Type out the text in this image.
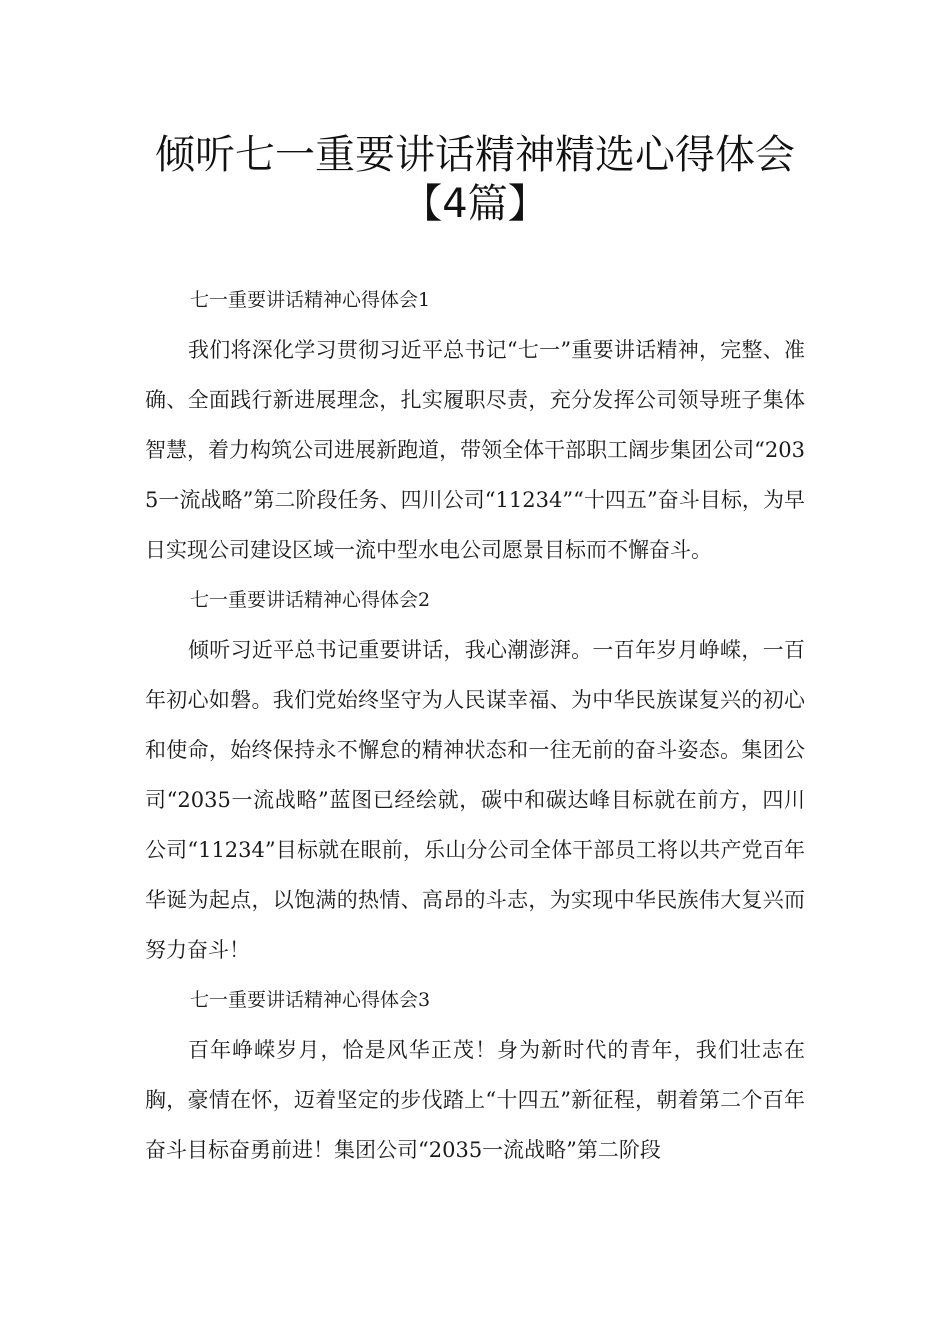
倾听七一重要讲话精神精选心得体会
【4篇】

七一重要讲话精神心得体会1

我们将深化学习贯彻习近平总书记“七一”重要讲话精神，完整、准确、全面践行新进展理念，扎实履职尽责，充分发挥公司领导班子集体智慧，着力构筑公司进展新跑道，带领全体干部职工阔步集团公司“2035一流战略”第二阶段任务、四川公司“11234”“十四五”奋斗目标，为早日实现公司建设区域一流中型水电公司愿景目标而不懈奋斗。

七一重要讲话精神心得体会2

倾听习近平总书记重要讲话，我心潮澎湃。一百年岁月峥嵘，一百年初心如磐。我们党始终坚守为人民谋幸福、为中华民族谋复兴的初心和使命，始终保持永不懈怠的精神状态和一往无前的奋斗姿态。集团公司“2035一流战略”蓝图已经绘就，碳中和碳达峰目标就在前方，四川公司“11234”目标就在眼前，乐山分公司全体干部员工将以共产党百年华诞为起点，以饱满的热情、高昂的斗志，为实现中华民族伟大复兴而努力奋斗！

七一重要讲话精神心得体会3

百年峥嵘岁月，恰是风华正茂！身为新时代的青年，我们壮志在胸，豪情在怀，迈着坚定的步伐踏上“十四五”新征程，朝着第二个百年奋斗目标奋勇前进！集团公司“2035一流战略”第二阶段
